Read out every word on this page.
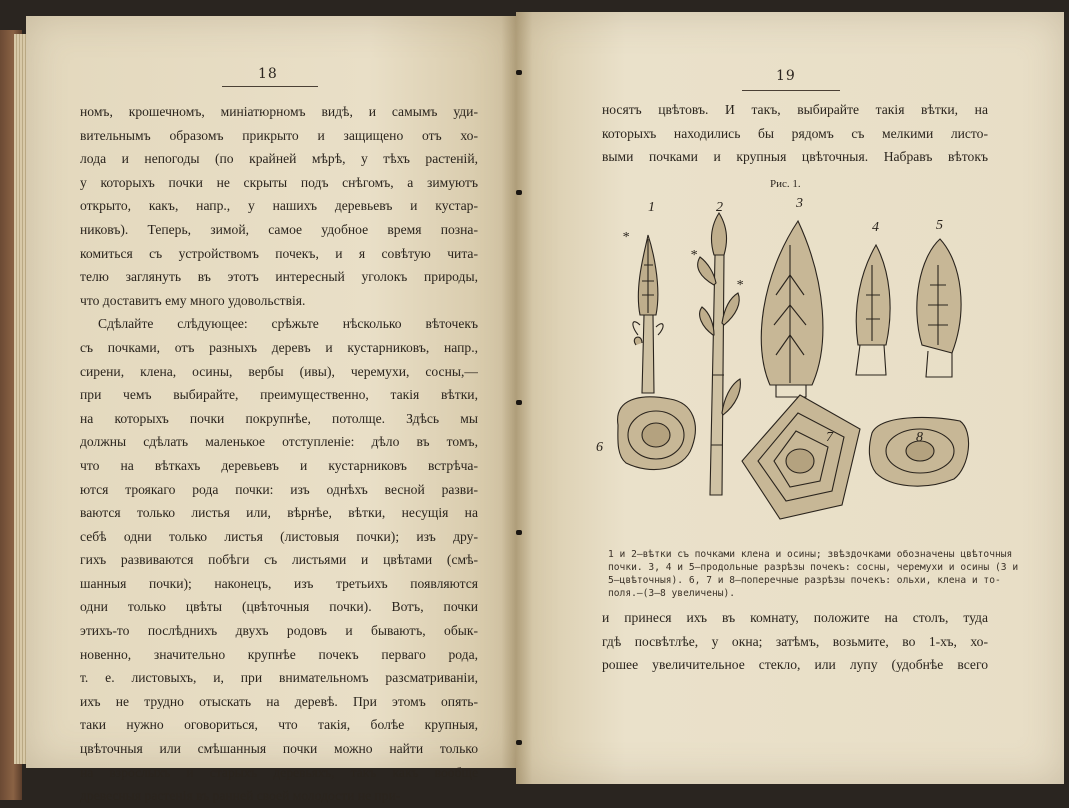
18
номъ, крошечномъ, миніатюрномъ видѣ, и самымъ уди-
вительнымъ образомъ прикрыто и защищено отъ хо-
лода и непогоды (по крайней мѣрѣ, у тѣхъ растеній,
у которыхъ почки не скрыты подъ снѣгомъ, а зимуютъ
открыто, какъ, напр., у нашихъ деревьевъ и кустар-
никовъ). Теперь, зимой, самое удобное время позна-
комиться съ устройствомъ почекъ, и я совѣтую чита-
телю заглянуть въ этотъ интересный уголокъ природы,
что доставитъ ему много удовольствія.
Сдѣлайте слѣдующее: срѣжьте нѣсколько вѣточекъ
съ почками, отъ разныхъ деревъ и кустарниковъ, напр.,
сирени, клена, осины, вербы (ивы), черемухи, сосны,—
при чемъ выбирайте, преимущественно, такія вѣтки,
на которыхъ почки покрупнѣе, потолще. Здѣсь мы
должны сдѣлать маленькое отступленіе: дѣло въ томъ,
что на вѣткахъ деревьевъ и кустарниковъ встрѣча-
ются троякаго рода почки: изъ однѣхъ весной разви-
ваются только листья или, вѣрнѣе, вѣтки, несущія на
себѣ одни только листья (листовыя почки); изъ дру-
гихъ развиваются побѣги съ листьями и цвѣтами (смѣ-
шанныя почки); наконецъ, изъ третьихъ появляются
одни только цвѣты (цвѣточныя почки). Вотъ, почки
этихъ-то послѣднихъ двухъ родовъ и бываютъ, обык-
новенно, значительно крупнѣе почекъ перваго рода,
т. е. листовыхъ, и, при внимательномъ разсматриваніи,
ихъ не трудно отыскать на деревѣ. При этомъ опять-
таки нужно оговориться, что такія, болѣе крупныя,
цвѣточныя или смѣшанныя почки можно найти только
на взрослыхъ и старыхъ деревьяхъ, такъ какъ вообще
древесныя растенія въ ранней своей молодости не при-
19
носятъ цвѣтовъ. И такъ, выбирайте такія вѣтки, на
которыхъ находились бы рядомъ съ мелкими листо-
выми почками и крупныя цвѣточныя. Набравъ вѣтокъ
Рис. 1.
1 и 2—вѣтки съ почками клена и осины; звѣздочками обозначены цвѣточныя
почки. 3, 4 и 5—продольные разрѣзы почекъ: сосны, черемухи и осины (3 и
5—цвѣточныя). 6, 7 и 8—поперечные разрѣзы почекъ: ольхи, клена и то-
поля.—(3—8 увеличены).
и принеся ихъ въ комнату, положите на столъ, туда
гдѣ посвѣтлѣе, у окна; затѣмъ, возьмите, во 1-хъ, хо-
рошее увеличительное стекло, или лупу (удобнѣе всего
1	2	3
4	5
6
7	8
*
*
*
